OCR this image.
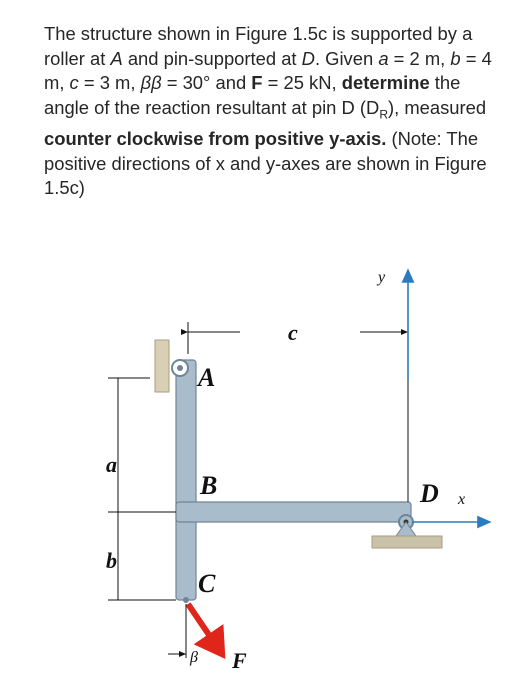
The structure shown in Figure 1.5c is supported by a roller at A and pin-supported at D. Given a = 2 m, b = 4 m, c = 3 m, ββ = 30° and F = 25 kN, determine the angle of the reaction resultant at pin D $(D_R)$, measured counter clockwise from positive y-axis. (Note: The positive directions of x and y-axes are shown in Figure 1.5c)

a
b
c
y
x
A
B
C
D
β F
